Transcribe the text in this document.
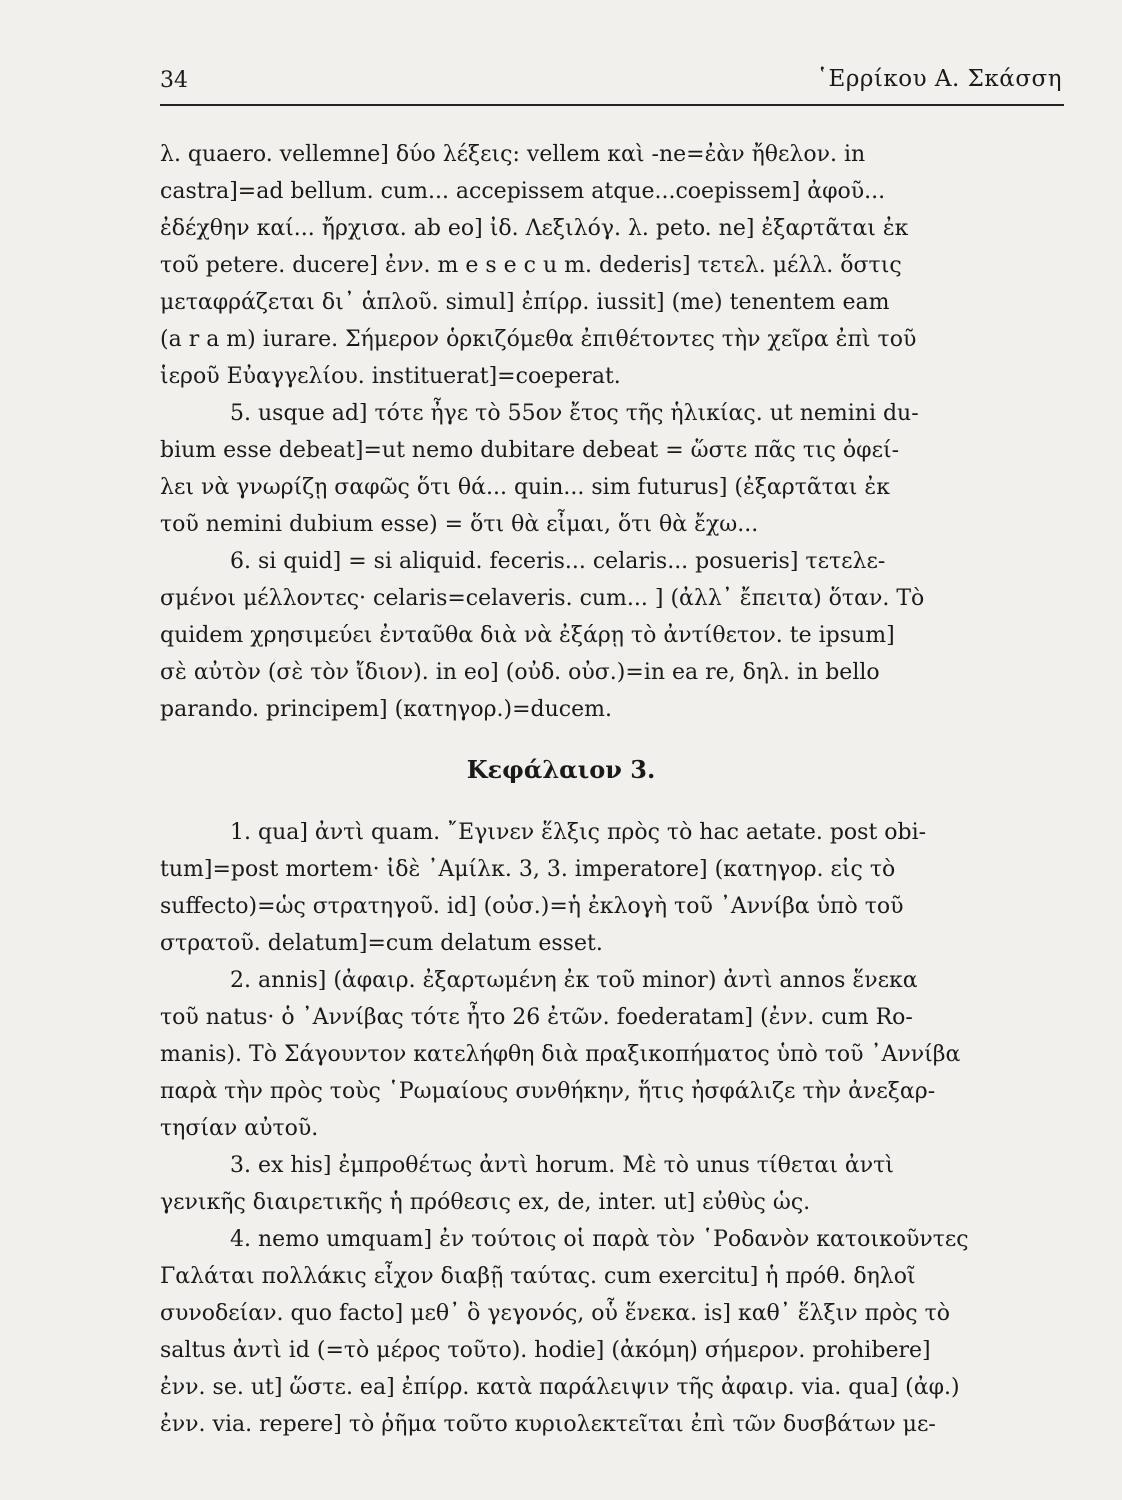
34	῾Ερρίκου Α. Σκάσση
λ. quaero. vellemne] δύο λέξεις: vellem καὶ -ne=ἐὰν ἤθελον. in
castra]=ad bellum. cum... accepissem atque...coepissem] ἀφοῦ...
ἐδέχθην καί... ἤρχισα. ab eo] ἰδ. Λεξιλόγ. λ. peto. ne] ἐξαρτᾶται ἐκ
τοῦ petere. ducere] ἐνν. m e s e c u m. dederis] τετελ. μέλλ. ὅστις
μεταφράζεται δι᾽ ἁπλοῦ. simul] ἐπίρρ. iussit] (me) tenentem eam
(a r a m) iurare. Σήμερον ὁρκιζόμεθα ἐπιθέτοντες τὴν χεῖρα ἐπὶ τοῦ
ἱεροῦ Εὐαγγελίου. instituerat]=coeperat.
5. usque ad] τότε ἦγε τὸ 55ον ἔτος τῆς ἡλικίας. ut nemini du-
bium esse debeat]=ut nemo dubitare debeat = ὥστε πᾶς τις ὀφεί-
λει νὰ γνωρίζῃ σαφῶς ὅτι θά... quin... sim futurus] (ἐξαρτᾶται ἐκ
τοῦ nemini dubium esse) = ὅτι θὰ εἶμαι, ὅτι θὰ ἔχω...
6. si quid] = si aliquid. feceris... celaris... posueris] τετελε-
σμένοι μέλλοντες· celaris=celaveris. cum... ] (ἀλλ᾽ ἔπειτα) ὅταν. Τὸ
quidem χρησιμεύει ἐνταῦθα διὰ νὰ ἐξάρῃ τὸ ἀντίθετον. te ipsum]
σὲ αὐτὸν (σὲ τὸν ἴδιον). in eo] (οὐδ. οὐσ.)=in ea re, δηλ. in bello
parando. principem] (κατηγορ.)=ducem.
Κεφάλαιον 3.
1. qua] ἀντὶ quam. ῎Εγινεν ἕλξις πρὸς τὸ hac aetate. post obi-
tum]=post mortem· ἰδὲ ᾽Αμίλκ. 3, 3. imperatore] (κατηγορ. εἰς τὸ
suffecto)=ὡς στρατηγοῦ. id] (οὐσ.)=ἡ ἐκλογὴ τοῦ ᾽Αννίβα ὑπὸ τοῦ
στρατοῦ. delatum]=cum delatum esset.
2. annis] (ἀφαιρ. ἐξαρτωμένη ἐκ τοῦ minor) ἀντὶ annos ἕνεκα
τοῦ natus· ὁ ᾽Αννίβας τότε ἦτο 26 ἐτῶν. foederatam] (ἐνν. cum Ro-
manis). Τὸ Σάγουντον κατελήφθη διὰ πραξικοπήματος ὑπὸ τοῦ ᾽Αννίβα
παρὰ τὴν πρὸς τοὺς ῾Ρωμαίους συνθήκην, ἥτις ἠσφάλιζε τὴν ἀνεξαρ-
τησίαν αὐτοῦ.
3. ex his] ἐμπροθέτως ἀντὶ horum. Μὲ τὸ unus τίθεται ἀντὶ
γενικῆς διαιρετικῆς ἡ πρόθεσις ex, de, inter. ut] εὐθὺς ὡς.
4. nemo umquam] ἐν τούτοις οἱ παρὰ τὸν ῾Ροδανὸν κατοικοῦντες
Γαλάται πολλάκις εἶχον διαβῇ ταύτας. cum exercitu] ἡ πρόθ. δηλοῖ
συνοδείαν. quo facto] μεθ᾽ ὃ γεγονός, οὗ ἕνεκα. is] καθ᾽ ἕλξιν πρὸς τὸ
saltus ἀντὶ id (=τὸ μέρος τοῦτο). hodie] (ἀκόμη) σήμερον. prohibere]
ἐνν. se. ut] ὥστε. ea] ἐπίρρ. κατὰ παράλειψιν τῆς ἀφαιρ. via. qua] (ἀφ.)
ἐνν. via. repere] τὸ ῥῆμα τοῦτο κυριολεκτεῖται ἐπὶ τῶν δυσβάτων με-
